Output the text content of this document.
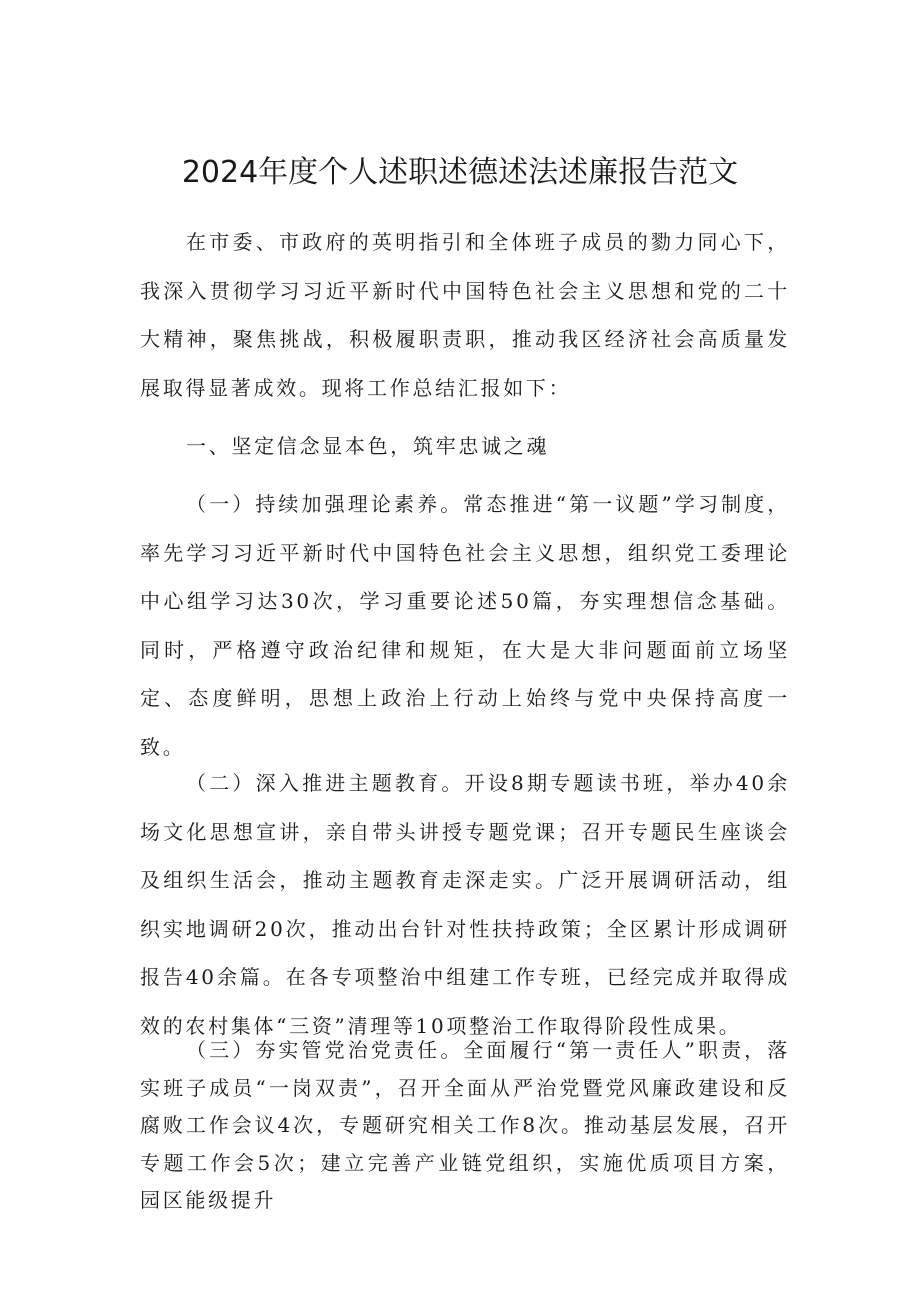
2024年度个人述职述德述法述廉报告范文

在市委、市政府的英明指引和全体班子成员的勠力同心下，我深入贯彻学习习近平新时代中国特色社会主义思想和党的二十大精神，聚焦挑战，积极履职责职，推动我区经济社会高质量发展取得显著成效。现将工作总结汇报如下：

一、坚定信念显本色，筑牢忠诚之魂

（一）持续加强理论素养。常态推进“第一议题”学习制度，率先学习习近平新时代中国特色社会主义思想，组织党工委理论中心组学习达30次，学习重要论述50篇，夯实理想信念基础。同时，严格遵守政治纪律和规矩，在大是大非问题面前立场坚定、态度鲜明，思想上政治上行动上始终与党中央保持高度一致。

（二）深入推进主题教育。开设8期专题读书班，举办40余场文化思想宣讲，亲自带头讲授专题党课；召开专题民生座谈会及组织生活会，推动主题教育走深走实。广泛开展调研活动，组织实地调研20次，推动出台针对性扶持政策；全区累计形成调研报告40余篇。在各专项整治中组建工作专班，已经完成并取得成效的农村集体“三资”清理等10项整治工作取得阶段性成果。

（三）夯实管党治党责任。全面履行“第一责任人”职责，落实班子成员“一岗双责”，召开全面从严治党暨党风廉政建设和反腐败工作会议4次，专题研究相关工作8次。推动基层发展，召开专题工作会5次；建立完善产业链党组织，实施优质项目方案，园区能级提升
